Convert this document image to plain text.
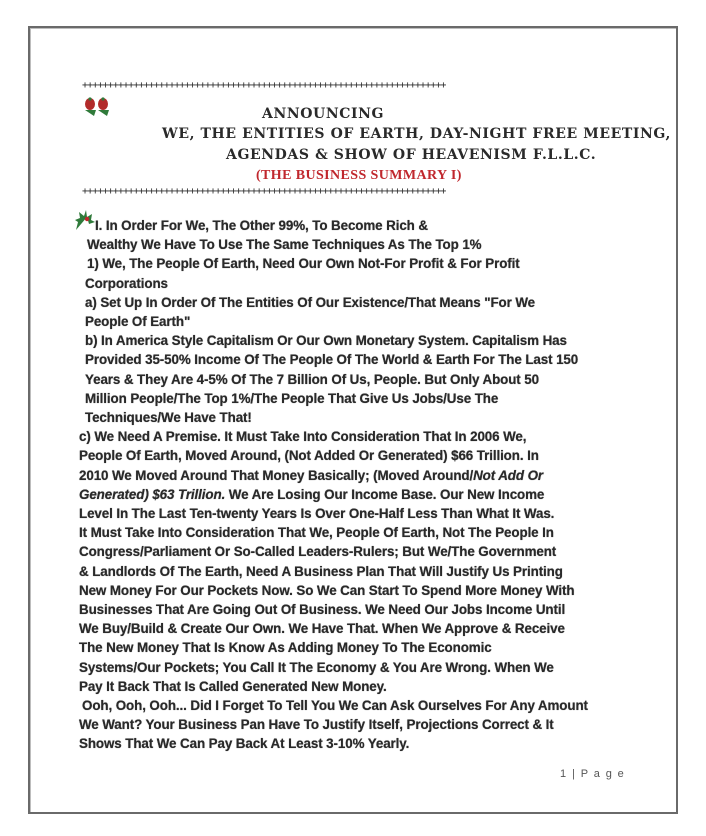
+++++++++++++++++++++++++++++++++++++++++++++++++++++++++++++++++++++++
ANNOUNCING
WE, THE ENTITIES OF EARTH, DAY-NIGHT FREE MEETING,
AGENDAS & SHOW OF HEAVENISM F.L.L.C.
(THE BUSINESS SUMMARY I)
+++++++++++++++++++++++++++++++++++++++++++++++++++++++++++++++++++++++
I. In Order For We, The Other 99%, To Become Rich &
Wealthy We Have To Use The Same Techniques As The Top 1%
1) We, The People Of Earth, Need Our Own Not-For Profit & For Profit
Corporations
a) Set Up In Order Of The Entities Of Our Existence/That Means "For We
People Of Earth"
b) In America Style Capitalism Or Our Own Monetary System. Capitalism Has
Provided 35-50% Income Of The People Of The World & Earth For The Last 150
Years & They Are 4-5% Of The 7 Billion Of Us, People. But Only About 50
Million People/The Top 1%/The People That Give Us Jobs/Use The
Techniques/We Have That!
c) We Need A Premise. It Must Take Into Consideration That In 2006 We,
People Of Earth, Moved Around, (Not Added Or Generated) $66 Trillion. In
2010 We Moved Around That Money Basically; (Moved Around/Not Add Or
Generated) $63 Trillion. We Are Losing Our Income Base. Our New Income
Level In The Last Ten-twenty Years Is Over One-Half Less Than What It Was.
It Must Take Into Consideration That We, People Of Earth, Not The People In
Congress/Parliament Or So-Called Leaders-Rulers; But We/The Government
& Landlords Of The Earth, Need A Business Plan That Will Justify Us Printing
New Money For Our Pockets Now. So We Can Start To Spend More Money With
Businesses That Are Going Out Of Business. We Need Our Jobs Income Until
We Buy/Build & Create Our Own. We Have That. When We Approve & Receive
The New Money That Is Know As Adding Money To The Economic
Systems/Our Pockets; You Call It The Economy & You Are Wrong. When We
Pay It Back That Is Called Generated New Money.
Ooh, Ooh, Ooh... Did I Forget To Tell You We Can Ask Ourselves For Any Amount
We Want? Your Business Pan Have To Justify Itself, Projections Correct & It
Shows That We Can Pay Back At Least 3-10% Yearly.
1 | P a g e
